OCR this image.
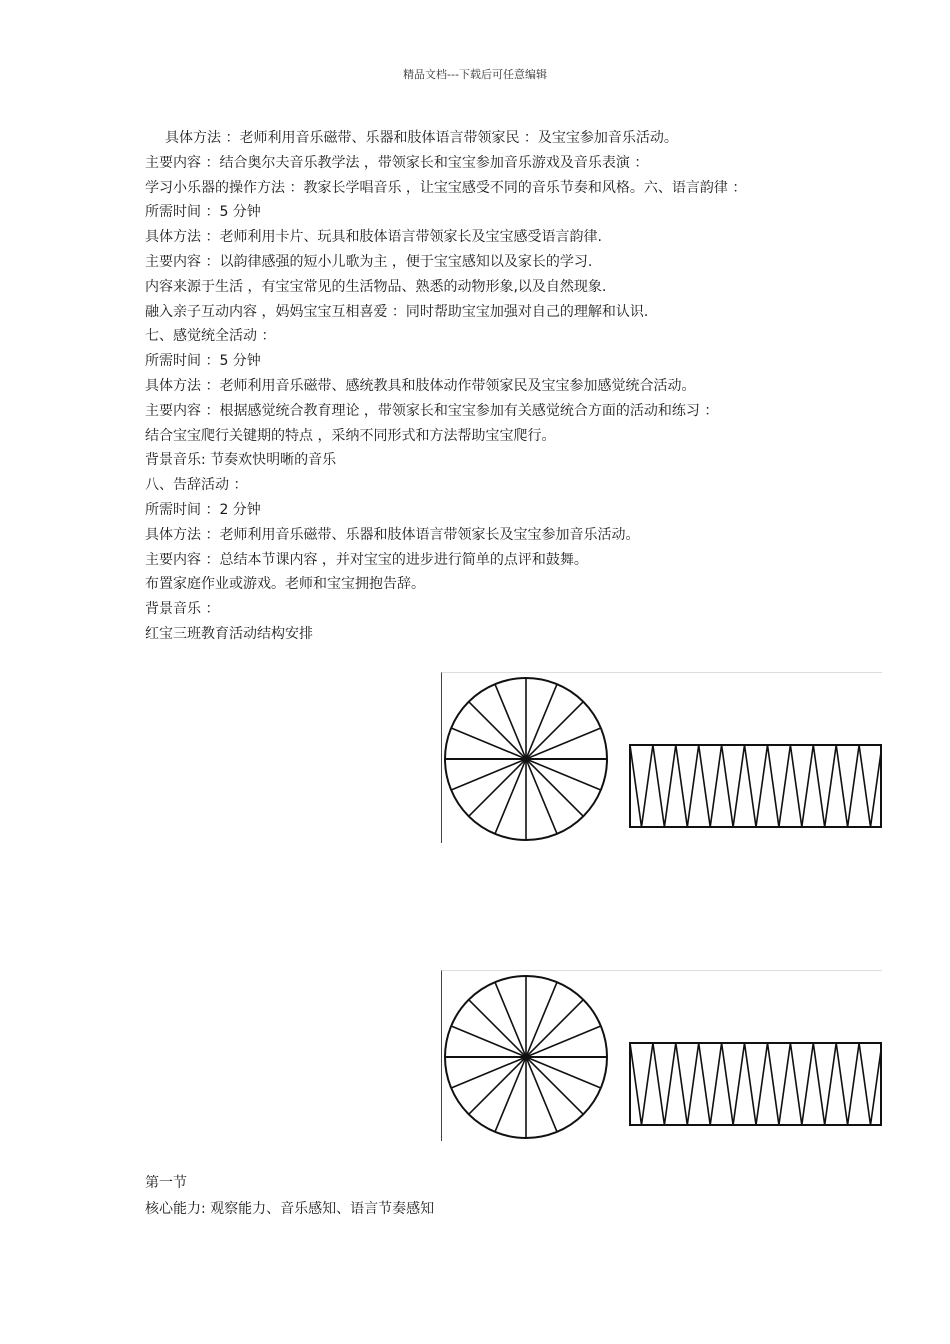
精品文档---下载后可任意编辑
具体方法 ：老师利用音乐磁带、乐器和肢体语言带领家民 ：及宝宝参加音乐活动。
主要内容 ：结合奥尔夫音乐教学法 ，带领家长和宝宝参加音乐游戏及音乐表演 ：
学习小乐器的操作方法 ：教家长学唱音乐 ，让宝宝感受不同的音乐节奏和风格。六、语言韵律 ：
所需时间 ：5 分钟
具体方法 ：老师利用卡片、玩具和肢体语言带领家长及宝宝感受语言韵律.
主要内容 ：以韵律感强的短小儿歌为主 ，便于宝宝感知以及家长的学习.
内容来源于生活 ，有宝宝常见的生活物品、熟悉的动物形象,以及自然现象.
融入亲子互动内容 ，妈妈宝宝互相喜爱 ：同时帮助宝宝加强对自己的理解和认识.
七、感觉统全活动 ：
所需时间 ：5 分钟
具体方法 ：老师利用音乐磁带、感统教具和肢体动作带领家民及宝宝参加感觉统合活动。
主要内容 ：根据感觉统合教育理论 ，带领家长和宝宝参加有关感觉统合方面的活动和练习 ：
结合宝宝爬行关键期的特点 ，采纳不同形式和方法帮助宝宝爬行。
背景音乐: 节奏欢快明晰的音乐
八、告辞活动 ：
所需时间 ：2 分钟
具体方法 ：老师利用音乐磁带、乐器和肢体语言带领家长及宝宝参加音乐活动。
主要内容 ：总结本节课内容 ，并对宝宝的进步进行简单的点评和鼓舞。
布置家庭作业或游戏。老师和宝宝拥抱告辞。
背景音乐 ：
红宝三班教育活动结构安排
第一节
核心能力: 观察能力、音乐感知、语言节奏感知
